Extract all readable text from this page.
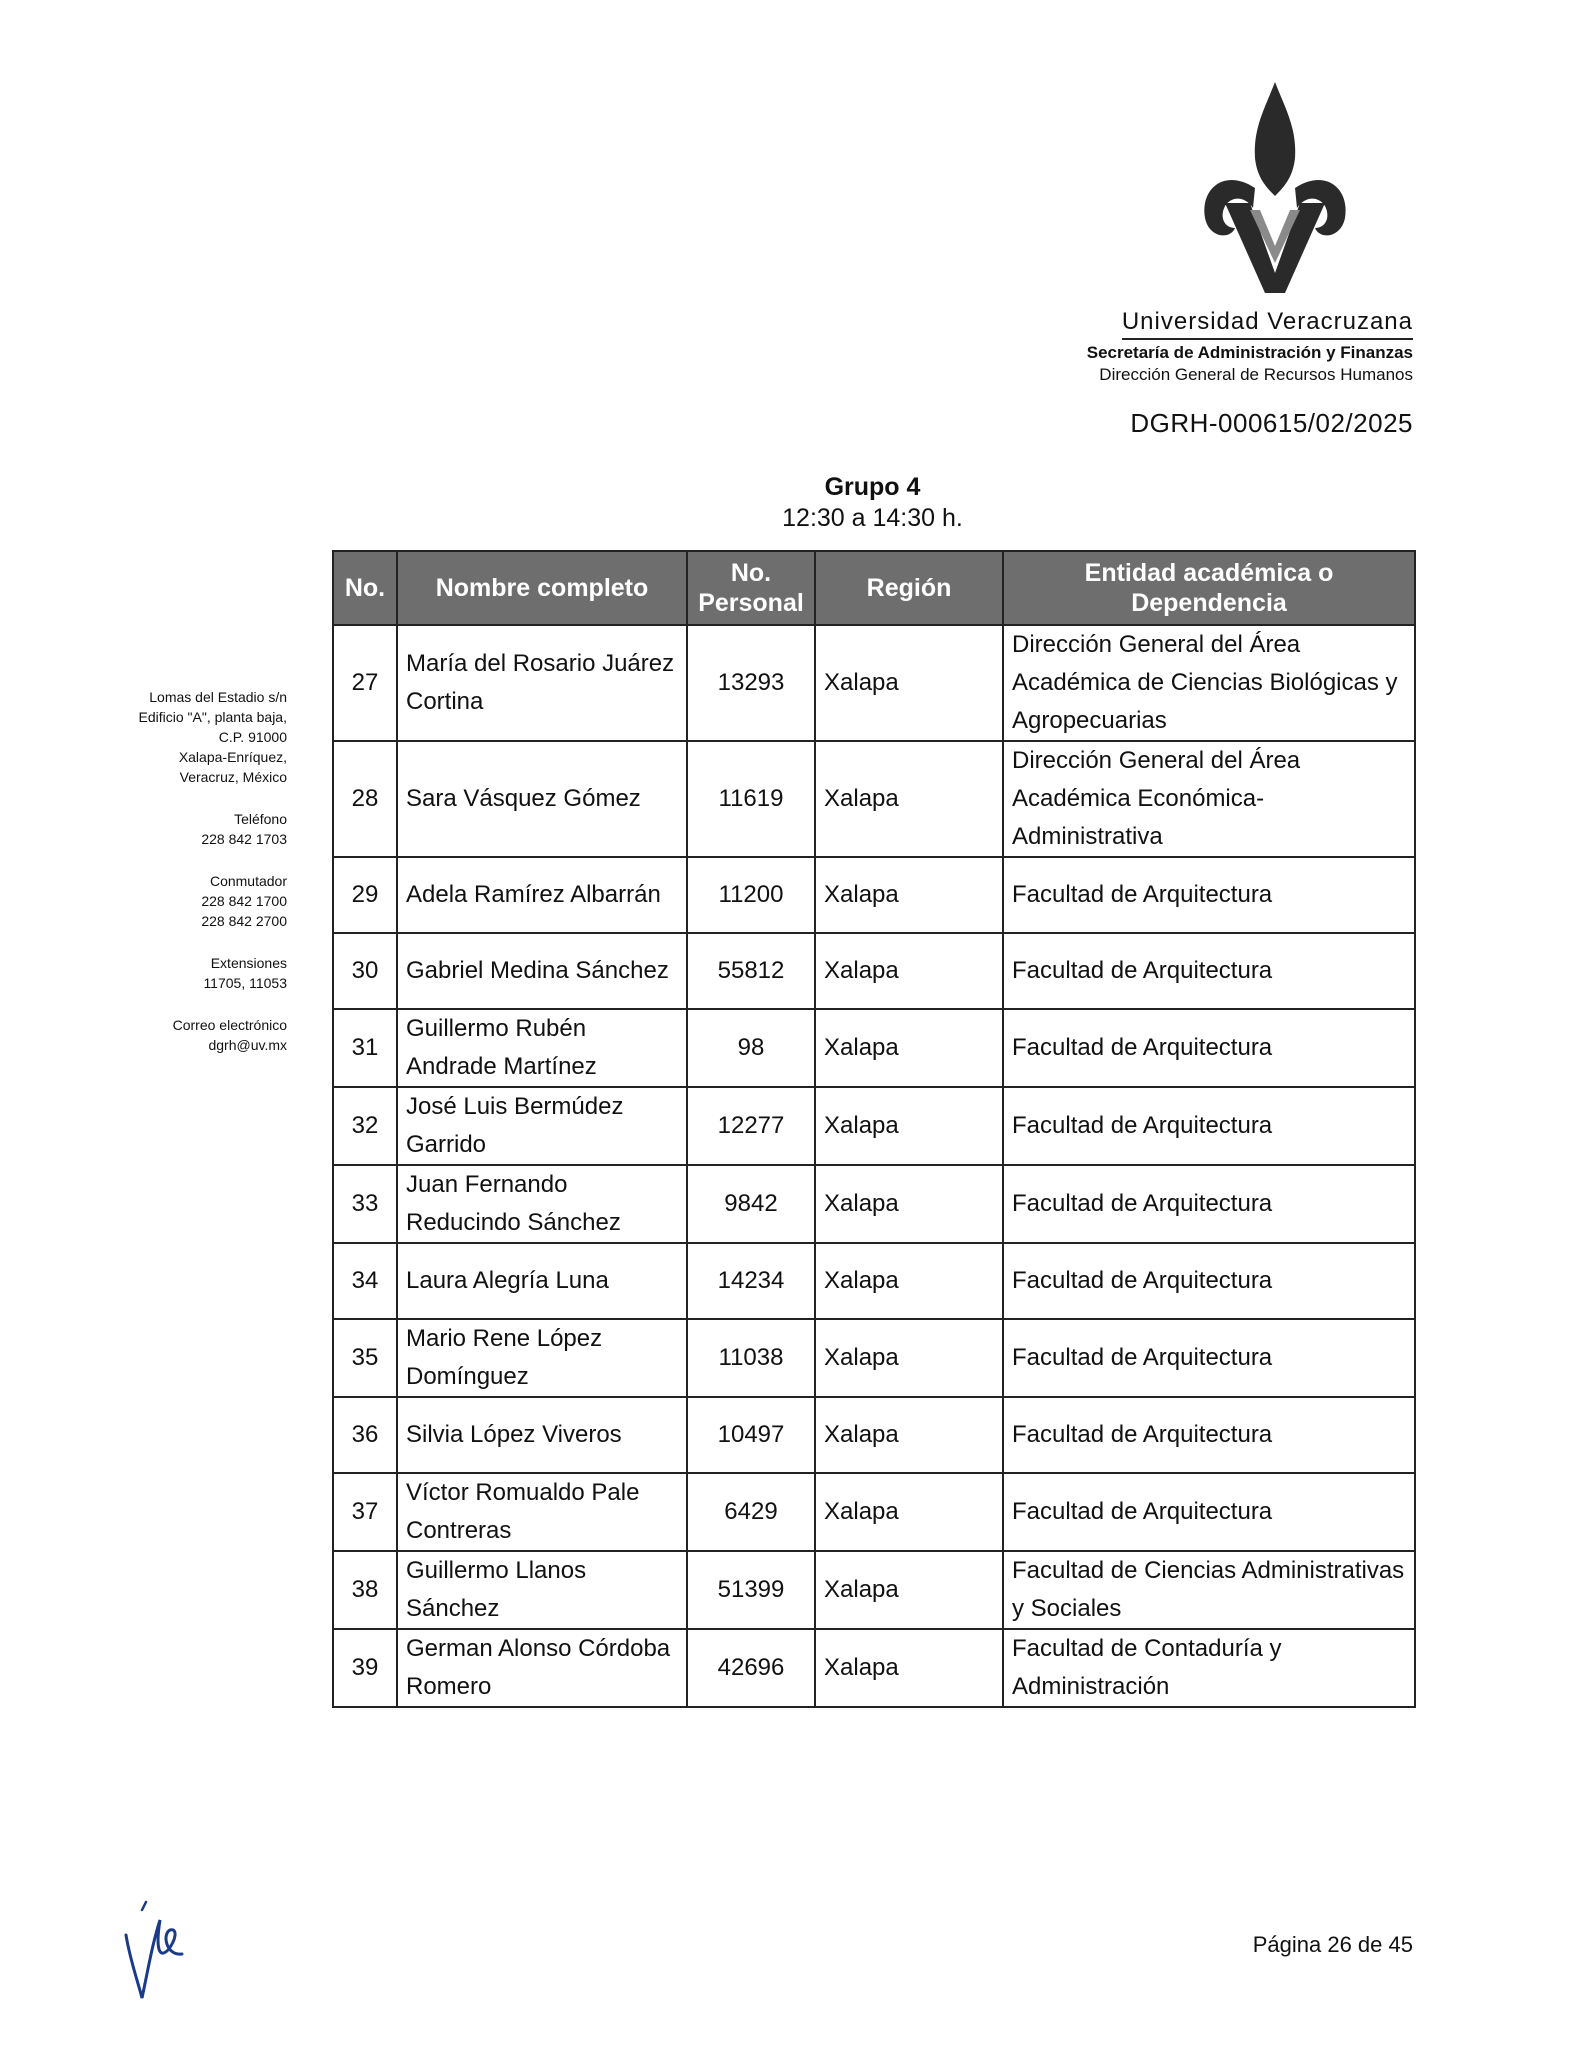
Universidad Veracruzana
Secretaría de Administración y Finanzas
Dirección General de Recursos Humanos
DGRH-000615/02/2025
Grupo 4
12:30 a 14:30 h.
Lomas del Estadio s/n
Edificio "A", planta baja,
C.P. 91000
Xalapa-Enríquez,
Veracruz, México
Teléfono
228 842 1703
Conmutador
228 842 1700
228 842 2700
Extensiones
11705, 11053
Correo electrónico
dgrh@uv.mx
No.	Nombre completo	No. Personal	Región	Entidad académica o Dependencia
27	María del Rosario Juárez Cortina	13293	Xalapa	Dirección General del Área Académica de Ciencias Biológicas y Agropecuarias
28	Sara Vásquez Gómez	11619	Xalapa	Dirección General del Área Académica Económica-Administrativa
29	Adela Ramírez Albarrán	11200	Xalapa	Facultad de Arquitectura
30	Gabriel Medina Sánchez	55812	Xalapa	Facultad de Arquitectura
31	Guillermo Rubén Andrade Martínez	98	Xalapa	Facultad de Arquitectura
32	José Luis Bermúdez Garrido	12277	Xalapa	Facultad de Arquitectura
33	Juan Fernando Reducindo Sánchez	9842	Xalapa	Facultad de Arquitectura
34	Laura Alegría Luna	14234	Xalapa	Facultad de Arquitectura
35	Mario Rene López Domínguez	11038	Xalapa	Facultad de Arquitectura
36	Silvia López Viveros	10497	Xalapa	Facultad de Arquitectura
37	Víctor Romualdo Pale Contreras	6429	Xalapa	Facultad de Arquitectura
38	Guillermo Llanos Sánchez	51399	Xalapa	Facultad de Ciencias Administrativas y Sociales
39	German Alonso Córdoba Romero	42696	Xalapa	Facultad de Contaduría y Administración
Página 26 de 45
